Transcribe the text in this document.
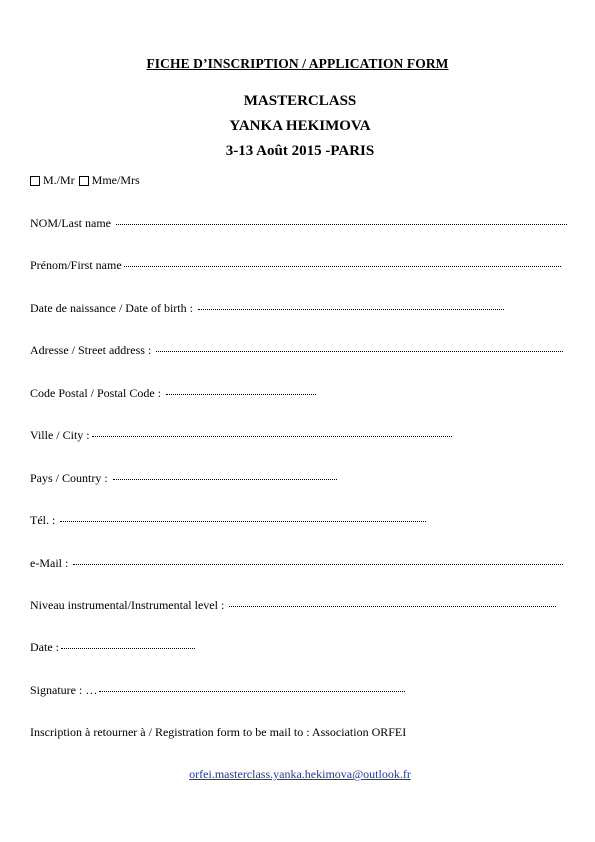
FICHE D’INSCRIPTION / APPLICATION FORM
MASTERCLASS
YANKA HEKIMOVA
3-13 Août 2015 -PARIS
M./Mr Mme/Mrs
NOM/Last name
Prénom/First name
Date de naissance / Date of birth :
Adresse / Street address :
Code Postal / Postal Code :
Ville / City :
Pays / Country :
Tél. :
e-Mail :
Niveau instrumental/Instrumental level :
Date :
Signature : …
Inscription à retourner à / Registration form to be mail to : Association ORFEI
orfei.masterclass.yanka.hekimova@outlook.fr
